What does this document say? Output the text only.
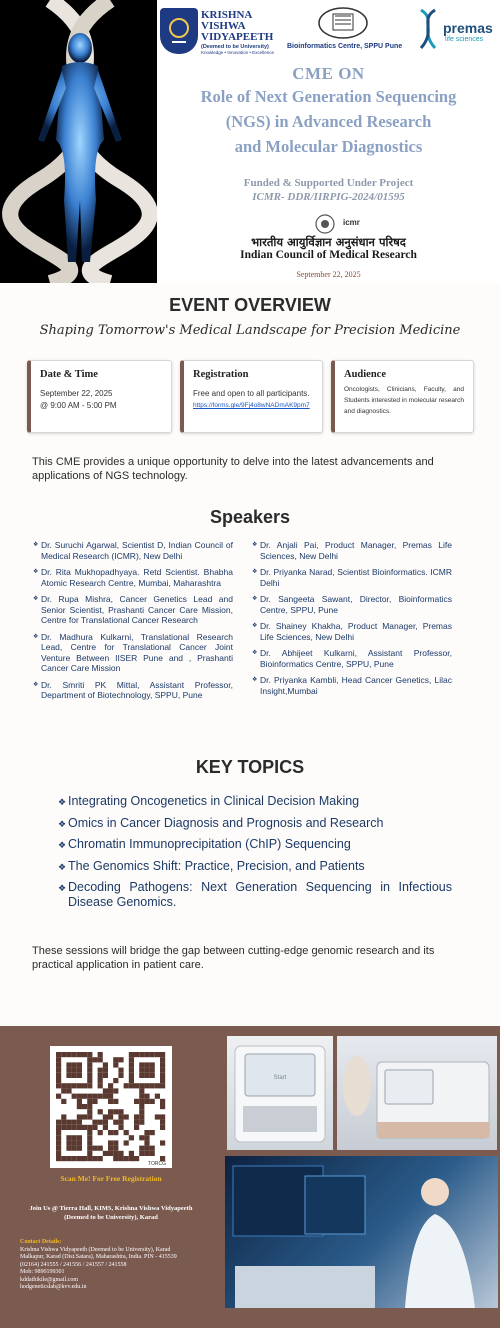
KRISHNA
VISHWA
VIDYAPEETH
(Deemed to be University)
Knowledge • Innovation • Excellence
Bioinformatics Centre, SPPU Pune
premas
life sciences
CME ON
Role of Next Generation Sequencing
(NGS) in Advanced Research
and Molecular Diagnostics
Funded & Supported Under Project
ICMR- DDR/IIRPIG-2024/01595
icmr
भारतीय आयुर्विज्ञान अनुसंधान परिषद
Indian Council of Medical Research
September 22, 2025
EVENT OVERVIEW
Shaping Tomorrow's Medical Landscape for Precision Medicine
Date & Time

September 22, 2025

@ 9:00 AM - 5:00 PM

Registration

Free and open to all participants.

https://forms.gle/9Fj4o8wNADmAK9pm7
Audience

Oncologists, Clinicians, Faculty, and Students interested in molecular research and diagnostics.

This CME provides a unique opportunity to delve into the latest advancements and applications of NGS technology.
Speakers
❖ Dr. Suruchi Agarwal, Scientist D, Indian Council of Medical Research (ICMR), New Delhi
❖ Dr. Rita Mukhopadhyaya. Retd Scientist. Bhabha Atomic Research Centre, Mumbai, Maharashtra
❖ Dr. Rupa Mishra, Cancer Genetics Lead and Senior Scientist, Prashanti Cancer Care Mission, Centre for Translational Cancer Research
❖ Dr. Madhura Kulkarni, Translational Research Lead, Centre for Translational Cancer Joint Venture Between IISER Pune and , Prashanti Cancer Care Mission
❖ Dr. Smriti PK Mittal, Assistant Professor, Department of Biotechnology, SPPU, Pune
❖ Dr. Anjali Pai, Product Manager, Premas Life Sciences, New Delhi
❖ Dr. Priyanka Narad, Scientist Bioinformatics. ICMR Delhi
❖ Dr. Sangeeta Sawant, Director, Bioinformatics Centre, SPPU, Pune
❖ Dr. Shainey Khakha, Product Manager, Premas Life Sciences, New Delhi
❖ Dr. Abhijeet Kulkarni, Assistant Professor, Bioinformatics Centre, SPPU, Pune
❖ Dr. Priyanka Kambli, Head Cancer Genetics, Lilac Insight,Mumbai
KEY TOPICS
❖ Integrating Oncogenetics in Clinical Decision Making
❖ Omics in Cancer Diagnosis and Prognosis and Research
❖ Chromatin Immunoprecipitation (ChIP) Sequencing
❖ The Genomics Shift: Practice, Precision, and Patients
❖ Decoding Pathogens: Next Generation Sequencing in Infectious Disease Genomics.
These sessions will bridge the gap between cutting-edge genomic research and its practical application in patient care.
TORCG
Scan Me! For Free Registration
Join Us @ Tierra Hall, KIMS, Krishna Vishwa Vidyapeeth (Deemed to be University), Karad
Contact Details:
Krishna Vishwa Vidyapeeth (Deemed to be University), Karad
Malkapur, Karad (Dist.Satara), Maharashtra, India. PIN - 415539
(02164) 241555 / 241556 / 241557 / 241558
Mob: 9890199301
kddathikile@gmail.com
hodgeneticslab@kvv.edu.in
Start
